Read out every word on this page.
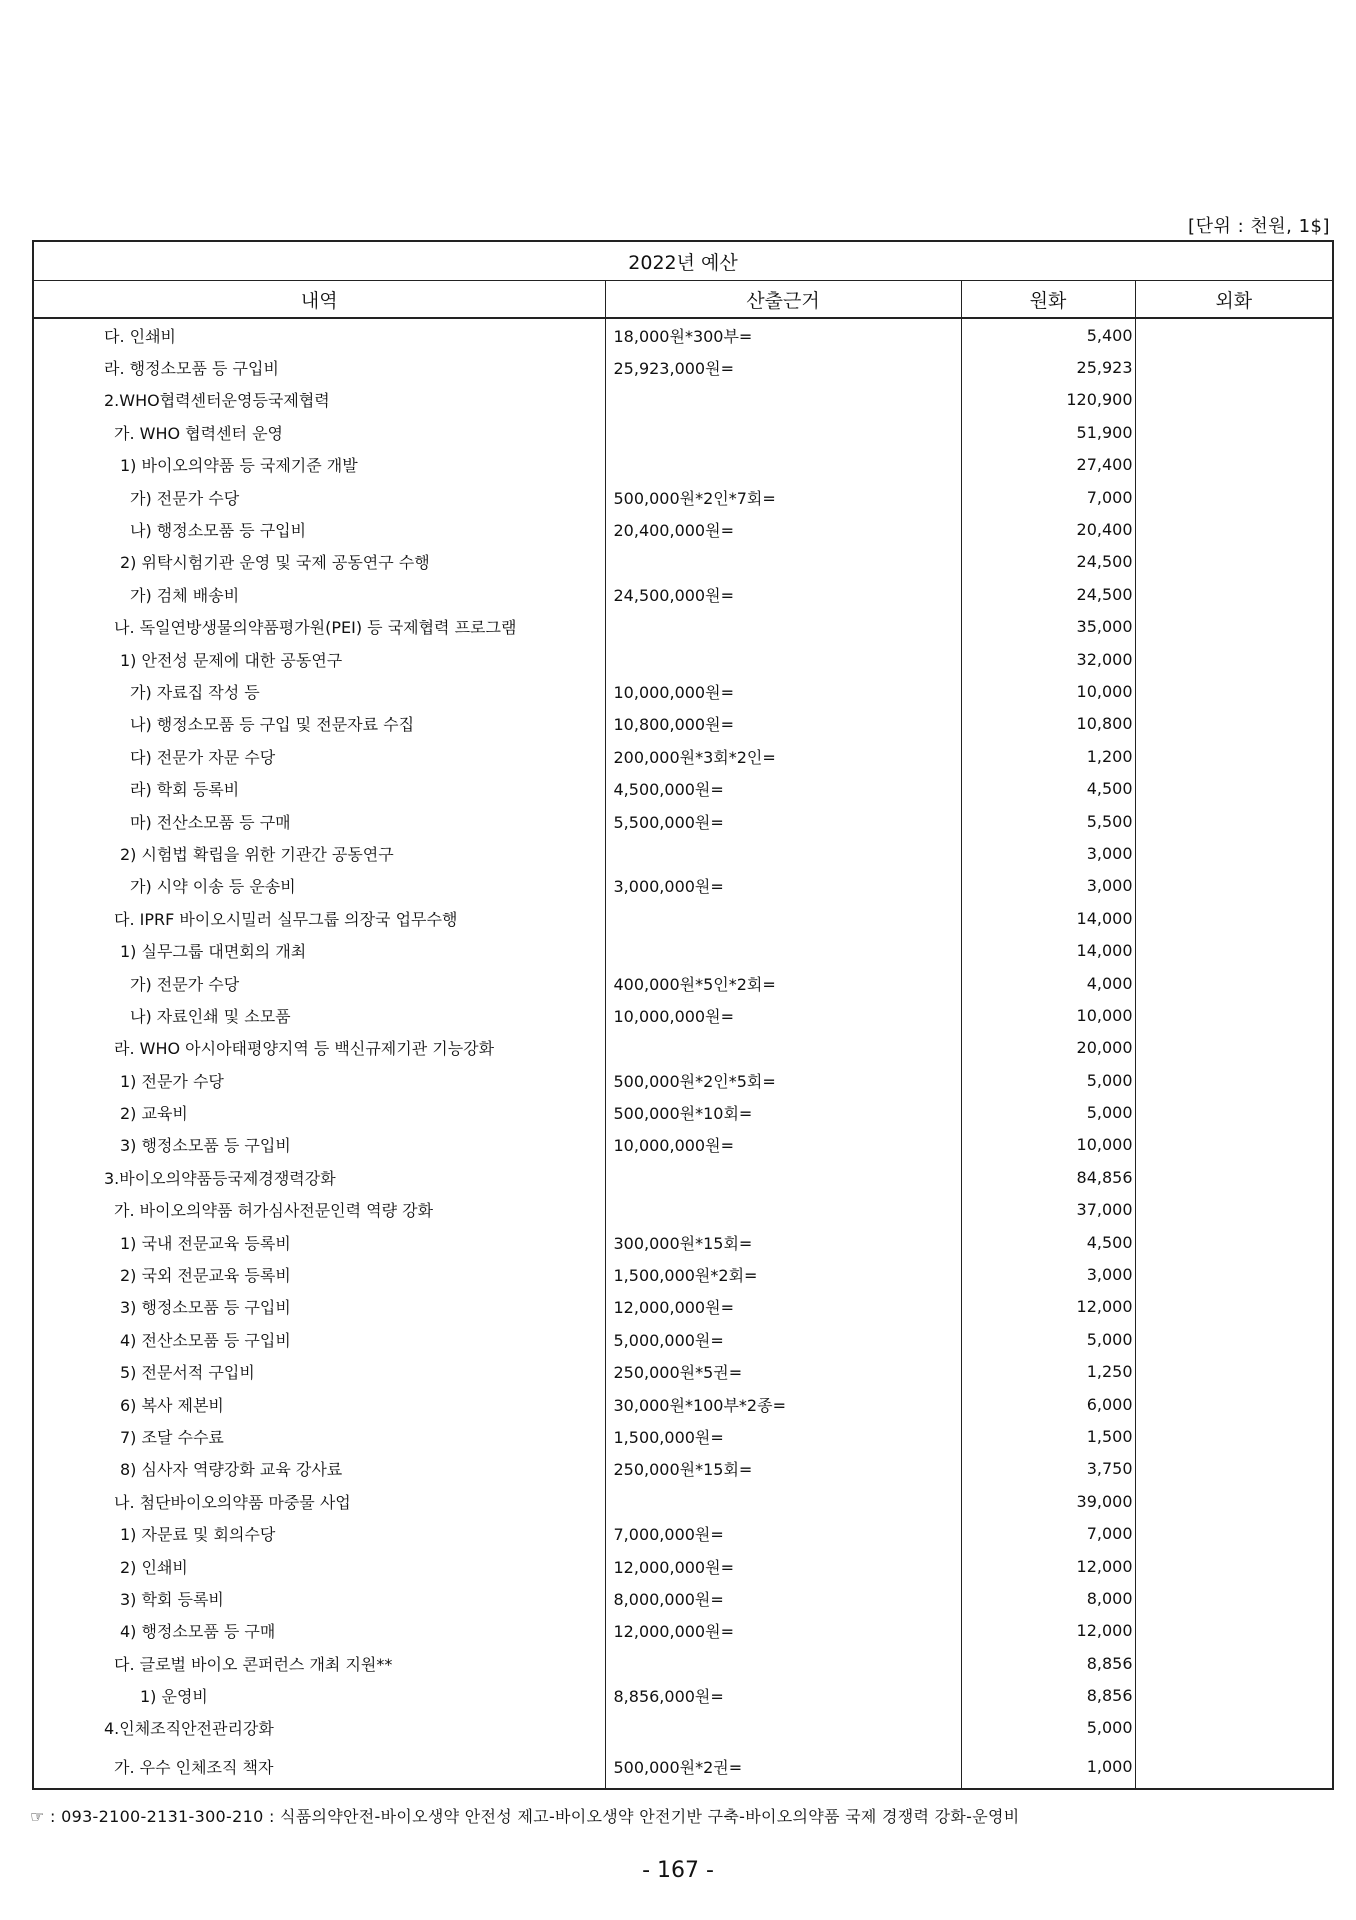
[단위 : 천원, 1$]
2022년 예산			
내역	산출근거	원화	외화
다. 인쇄비	18,000원*300부=	5,400	
라. 행정소모품 등 구입비	25,923,000원=	25,923	
2.WHO협력센터운영등국제협력		120,900	
가. WHO 협력센터 운영		51,900	
1) 바이오의약품 등 국제기준 개발		27,400	
가) 전문가 수당	500,000원*2인*7회=	7,000	
나) 행정소모품 등 구입비	20,400,000원=	20,400	
2) 위탁시험기관 운영 및 국제 공동연구 수행		24,500	
가) 검체 배송비	24,500,000원=	24,500	
나. 독일연방생물의약품평가원(PEI) 등 국제협력 프로그램		35,000	
1) 안전성 문제에 대한 공동연구		32,000	
가) 자료집 작성 등	10,000,000원=	10,000	
나) 행정소모품 등 구입 및 전문자료 수집	10,800,000원=	10,800	
다) 전문가 자문 수당	200,000원*3회*2인=	1,200	
라) 학회 등록비	4,500,000원=	4,500	
마) 전산소모품 등 구매	5,500,000원=	5,500	
2) 시험법 확립을 위한 기관간 공동연구		3,000	
가) 시약 이송 등 운송비	3,000,000원=	3,000	
다. IPRF 바이오시밀러 실무그룹 의장국 업무수행		14,000	
1) 실무그룹 대면회의 개최		14,000	
가) 전문가 수당	400,000원*5인*2회=	4,000	
나) 자료인쇄 및 소모품	10,000,000원=	10,000	
라. WHO 아시아태평양지역 등 백신규제기관 기능강화		20,000	
1) 전문가 수당	500,000원*2인*5회=	5,000	
2) 교육비	500,000원*10회=	5,000	
3) 행정소모품 등 구입비	10,000,000원=	10,000	
3.바이오의약품등국제경쟁력강화		84,856	
가. 바이오의약품 허가심사전문인력 역량 강화		37,000	
1) 국내 전문교육 등록비	300,000원*15회=	4,500	
2) 국외 전문교육 등록비	1,500,000원*2회=	3,000	
3) 행정소모품 등 구입비	12,000,000원=	12,000	
4) 전산소모품 등 구입비	5,000,000원=	5,000	
5) 전문서적 구입비	250,000원*5권=	1,250	
6) 복사 제본비	30,000원*100부*2종=	6,000	
7) 조달 수수료	1,500,000원=	1,500	
8) 심사자 역량강화 교육 강사료	250,000원*15회=	3,750	
나. 첨단바이오의약품 마중물 사업		39,000	
1) 자문료 및 회의수당	7,000,000원=	7,000	
2) 인쇄비	12,000,000원=	12,000	
3) 학회 등록비	8,000,000원=	8,000	
4) 행정소모품 등 구매	12,000,000원=	12,000	
다. 글로벌 바이오 콘퍼런스 개최 지원**		8,856	
1) 운영비	8,856,000원=	8,856	
4.인체조직안전관리강화		5,000	
가. 우수 인체조직 책자	500,000원*2권=	1,000	
☞ : 093-2100-2131-300-210 : 식품의약안전-바이오생약 안전성 제고-바이오생약 안전기반 구축-바이오의약품 국제 경쟁력 강화-운영비
- 167 -
